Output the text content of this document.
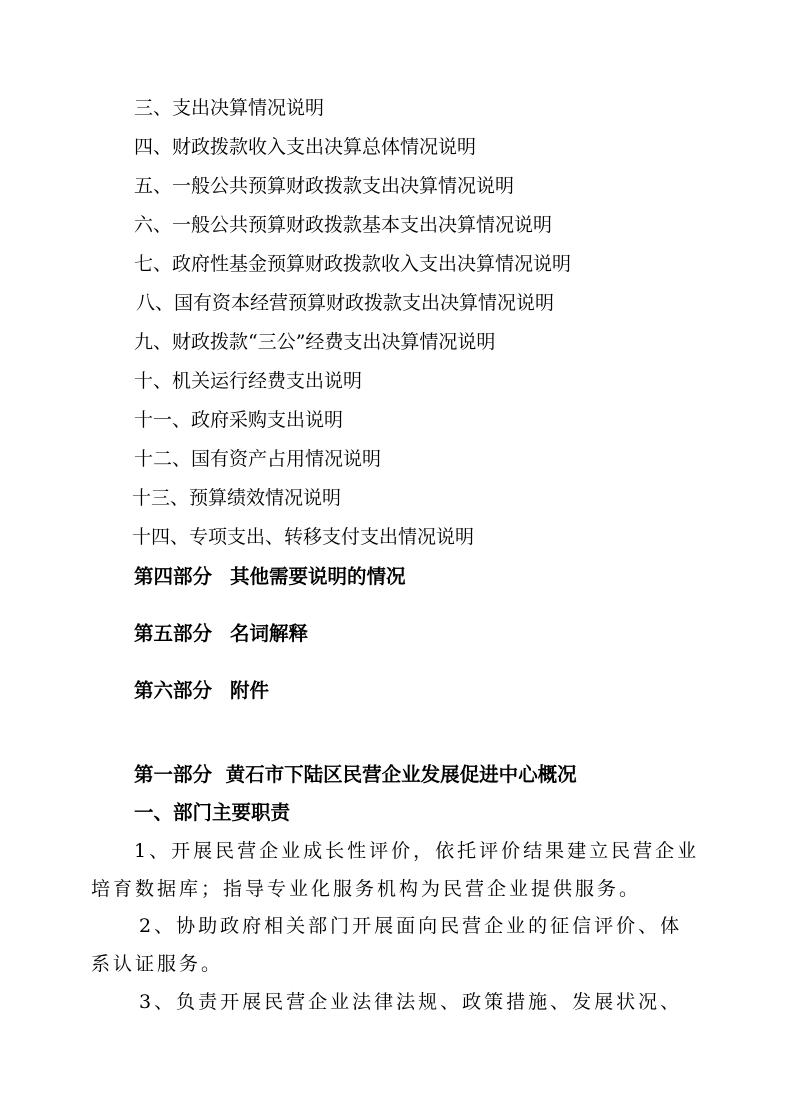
三、支出决算情况说明
四、财政拨款收入支出决算总体情况说明
五、一般公共预算财政拨款支出决算情况说明
六、一般公共预算财政拨款基本支出决算情况说明
七、政府性基金预算财政拨款收入支出决算情况说明
八、国有资本经营预算财政拨款支出决算情况说明
九、财政拨款“三公”经费支出决算情况说明
十、机关运行经费支出说明
十一、政府采购支出说明
十二、国有资产占用情况说明
十三、预算绩效情况说明
十四、专项支出、转移支付支出情况说明
第四部分 其他需要说明的情况
第五部分 名词解释
第六部分 附件
第一部分  黄石市下陆区民营企业发展促进中心概况
一、部门主要职责
1、开展民营企业成长性评价，依托评价结果建立民营企业
培育数据库；指导专业化服务机构为民营企业提供服务。
2、协助政府相关部门开展面向民营企业的征信评价、体
系认证服务。
3、负责开展民营企业法律法规、政策措施、发展状况、
